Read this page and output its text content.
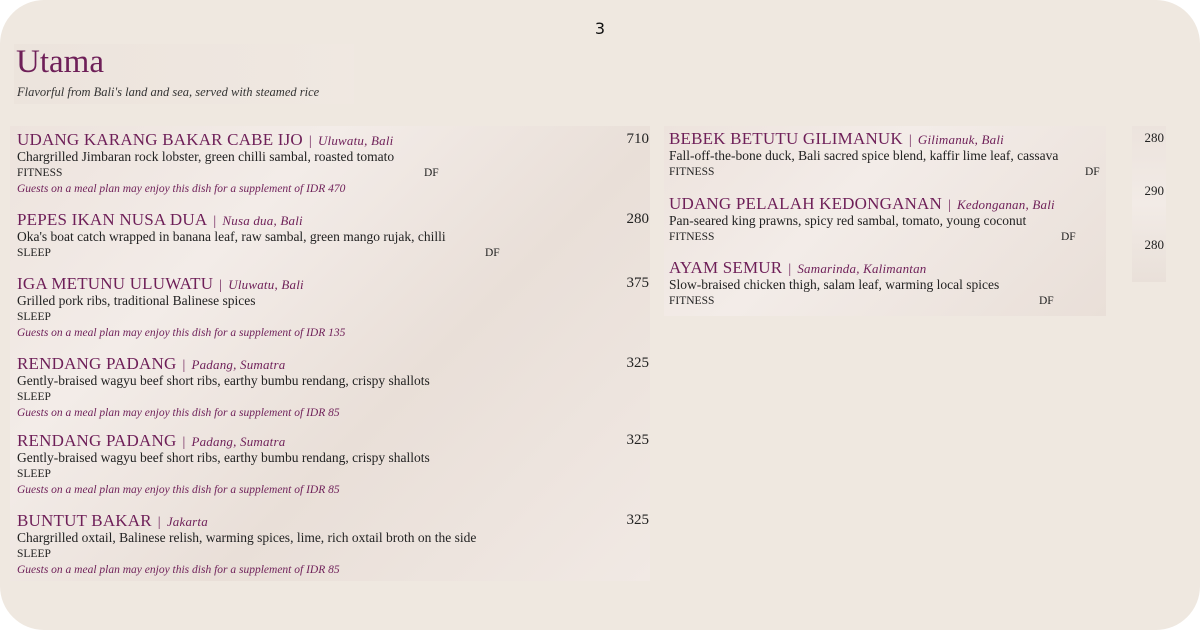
3
Utama
Flavorful from Bali's land and sea, served with steamed rice
UDANG KARANG BAKAR CABE IJO | Uluwatu, Bali
Chargrilled Jimbaran rock lobster, green chilli sambal, roasted tomato
FITNESS	DF
Guests on a meal plan may enjoy this dish for a supplement of IDR 470
710
PEPES IKAN NUSA DUA | Nusa dua, Bali
Oka's boat catch wrapped in banana leaf, raw sambal, green mango rujak, chilli
SLEEP	DF
280
IGA METUNU ULUWATU | Uluwatu, Bali
Grilled pork ribs, traditional Balinese spices
SLEEP
Guests on a meal plan may enjoy this dish for a supplement of IDR 135
375
RENDANG PADANG | Padang, Sumatra
Gently-braised wagyu beef short ribs, earthy bumbu rendang, crispy shallots
SLEEP
Guests on a meal plan may enjoy this dish for a supplement of IDR 85
325
RENDANG PADANG | Padang, Sumatra
Gently-braised wagyu beef short ribs, earthy bumbu rendang, crispy shallots
SLEEP
Guests on a meal plan may enjoy this dish for a supplement of IDR 85
325
BUNTUT BAKAR | Jakarta
Chargrilled oxtail, Balinese relish, warming spices, lime, rich oxtail broth on the side
SLEEP
Guests on a meal plan may enjoy this dish for a supplement of IDR 85
325
BEBEK BETUTU GILIMANUK | Gilimanuk, Bali
Fall-off-the-bone duck, Bali sacred spice blend, kaffir lime leaf, cassava
FITNESS	DF
UDANG PELALAH KEDONGANAN | Kedonganan, Bali
Pan-seared king prawns, spicy red sambal, tomato, young coconut
FITNESS	DF
AYAM SEMUR | Samarinda, Kalimantan
Slow-braised chicken thigh, salam leaf, warming local spices
FITNESS	DF
280
290
280
